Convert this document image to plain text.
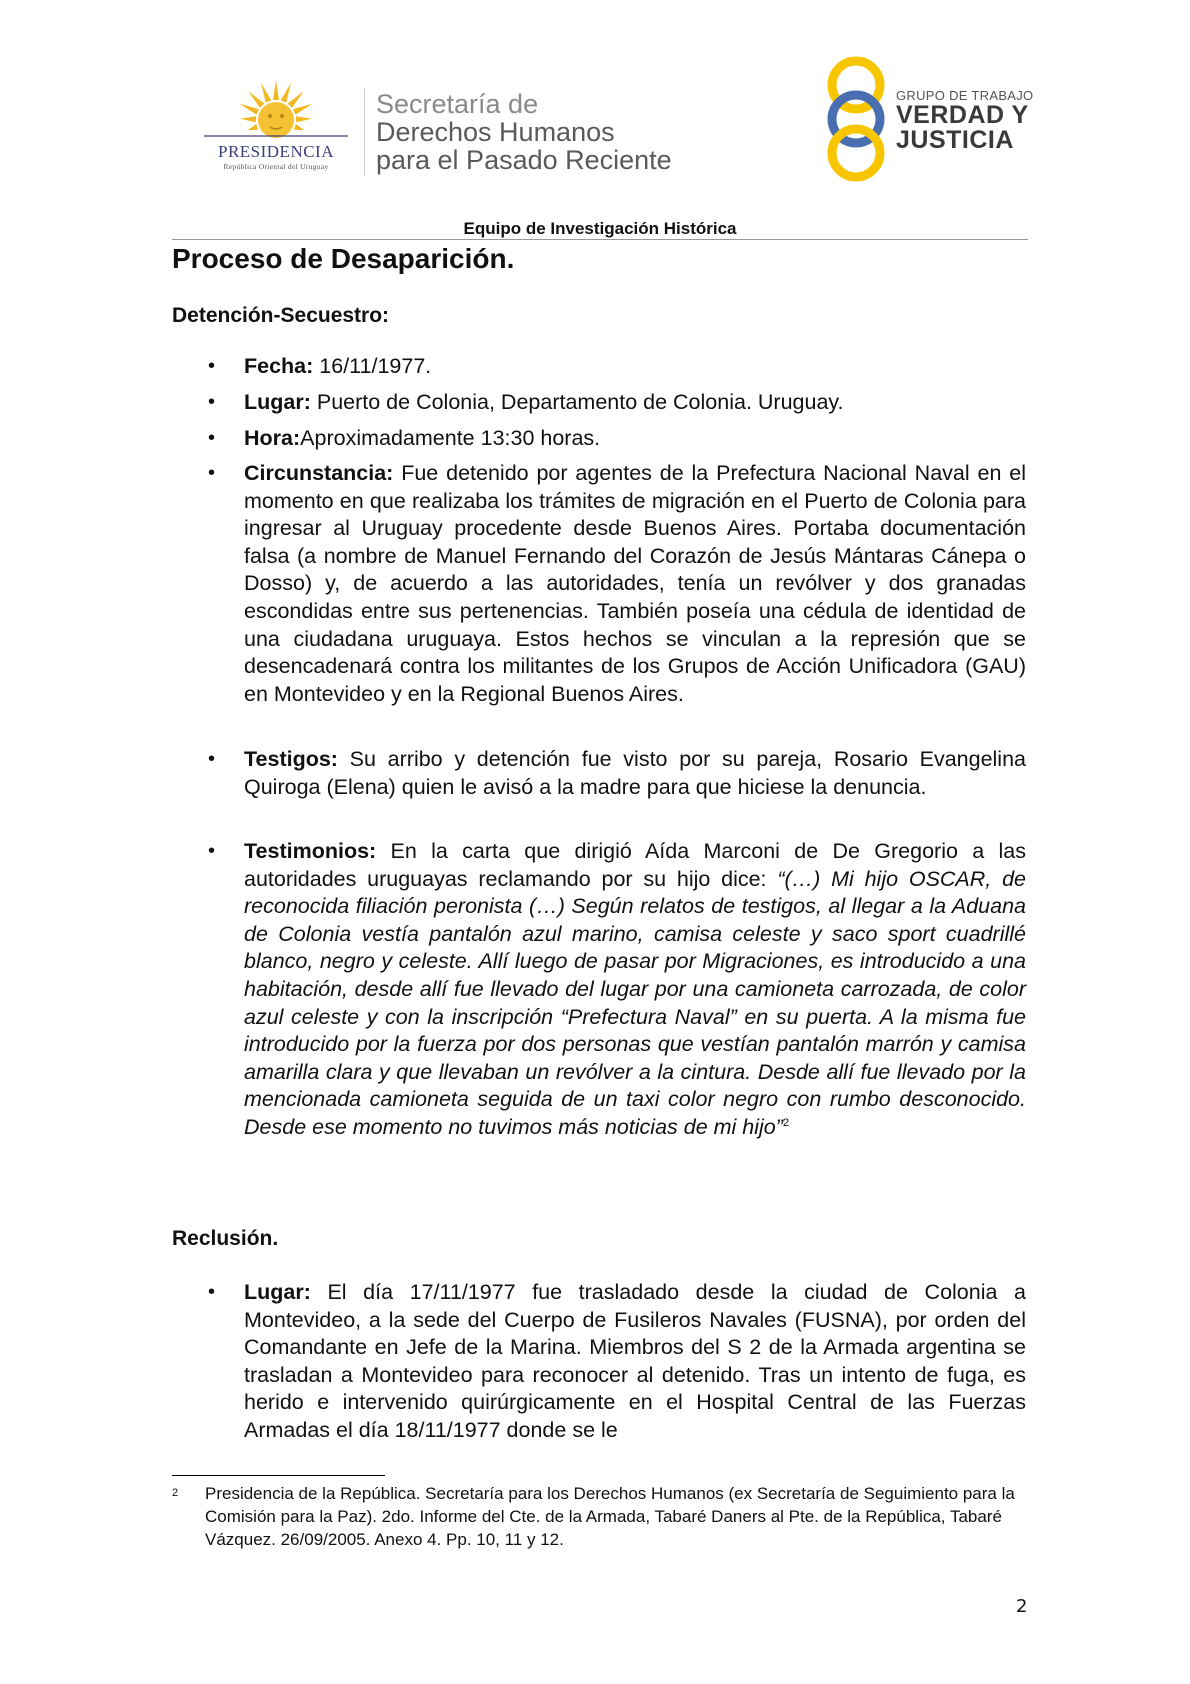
PRESIDENCIA
República Oriental del Uruguay
Secretaría de
Derechos Humanos
para el Pasado Reciente
GRUPO DE TRABAJO
VERDAD Y
JUSTICIA
Equipo de Investigación Histórica
Proceso de Desaparición.
Detención-Secuestro:
• Fecha: 16/11/1977.
• Lugar: Puerto de Colonia, Departamento de Colonia. Uruguay.
• Hora:Aproximadamente 13:30 horas.
• Circunstancia: Fue detenido por agentes de la Prefectura Nacional Naval en el momento en que realizaba los trámites de migración en el Puerto de Colonia para ingresar al Uruguay procedente desde Buenos Aires. Portaba documentación falsa (a nombre de Manuel Fernando del Corazón de Jesús Mántaras Cánepa o Dosso) y, de acuerdo a las autoridades, tenía un revólver y dos granadas escondidas entre sus pertenencias. También poseía una cédula de identidad de una ciudadana uruguaya. Estos hechos se vinculan a la represión que se desencadenará contra los militantes de los Grupos de Acción Unificadora (GAU) en Montevideo y en la Regional Buenos Aires.
• Testigos: Su arribo y detención fue visto por su pareja, Rosario Evangelina Quiroga (Elena) quien le avisó a la madre para que hiciese la denuncia.
• Testimonios: En la carta que dirigió Aída Marconi de De Gregorio a las autoridades uruguayas reclamando por su hijo dice: “(…) Mi hijo OSCAR, de reconocida filiación peronista (…) Según relatos de testigos, al llegar a la Aduana de Colonia vestía pantalón azul marino, camisa celeste y saco sport cuadrillé blanco, negro y celeste. Allí luego de pasar por Migraciones, es introducido a una habitación, desde allí fue llevado del lugar por una camioneta carrozada, de color azul celeste y con la inscripción “Prefectura Naval” en su puerta. A la misma fue introducido por la fuerza por dos personas que vestían pantalón marrón y camisa amarilla clara y que llevaban un revólver a la cintura. Desde allí fue llevado por la mencionada camioneta seguida de un taxi color negro con rumbo desconocido. Desde ese momento no tuvimos más noticias de mi hijo”$^2$
Reclusión.
• Lugar: El día 17/11/1977 fue trasladado desde la ciudad de Colonia a Montevideo, a la sede del Cuerpo de Fusileros Navales (FUSNA), por orden del Comandante en Jefe de la Marina. Miembros del S 2 de la Armada argentina se trasladan a Montevideo para reconocer al detenido. Tras un intento de fuga, es herido e intervenido quirúrgicamente en el Hospital Central de las Fuerzas Armadas el día 18/11/1977 donde se le
2 Presidencia de la República. Secretaría para los Derechos Humanos (ex Secretaría de Seguimiento para la Comisión para la Paz). 2do. Informe del Cte. de la Armada, Tabaré Daners al Pte. de la República, Tabaré Vázquez. 26/09/2005. Anexo 4. Pp. 10, 11 y 12.
2
